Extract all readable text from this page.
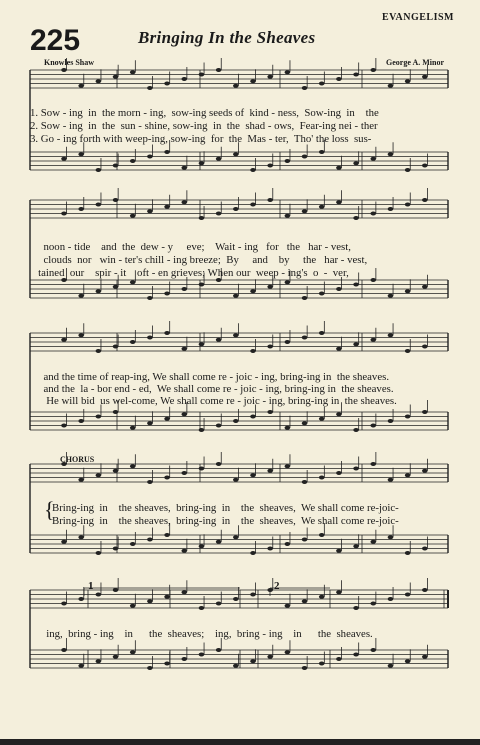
EVANGELISM
225	Bringing In the Sheaves
Knowles Shaw	George A. Minor
1. Sow - ing  in  the morn - ing,  sow-ing seeds of  kind - ness,  Sow-ing  in    the
2. Sow - ing  in  the  sun - shine, sow-ing  in  the  shad - ows,  Fear-ing nei - ther
3. Go - ing forth with weep-ing, sow-ing  for  the  Mas - ter,  Tho' the loss  sus-
noon - tide    and  the  dew - y     eve;    Wait - ing   for   the   har - vest,
clouds  nor   win - ter's chill - ing breeze;  By     and    by     the   har - vest,
tained  our    spir - it    oft - en grieves; When our  weep - ing's  o  -  ver,
and the time of reap-ing, We shall come re - joic - ing, bring-ing in  the sheaves.
and the  la - bor end - ed,  We shall come re - joic - ing, bring-ing in  the sheaves.
He will bid  us wel-come, We shall come re - joic - ing, bring-ing in  the sheaves.
CHORUS
{
Bring-ing  in    the sheaves,  bring-ing  in    the  sheaves,  We shall come re-joic-
Bring-ing  in    the sheaves,  bring-ing  in    the  sheaves,  We shall come re-joic-
1	2
ing,  bring - ing    in      the  sheaves;    ing,  bring - ing    in      the  sheaves.
